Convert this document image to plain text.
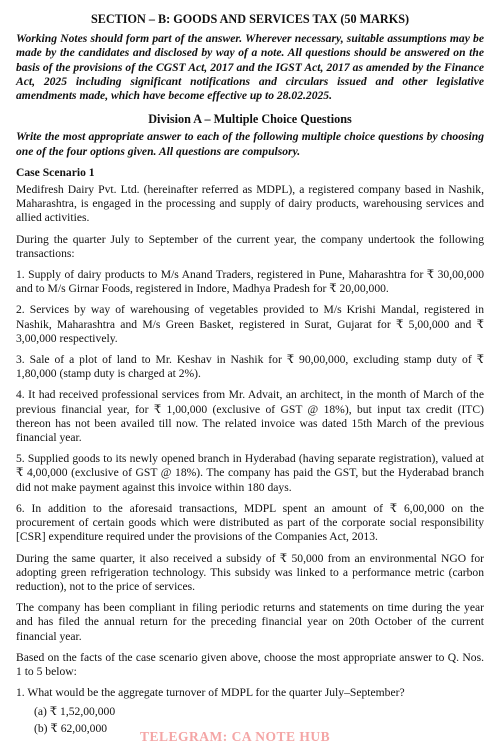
SECTION – B: GOODS AND SERVICES TAX (50 MARKS)
Working Notes should form part of the answer. Wherever necessary, suitable assumptions may be made by the candidates and disclosed by way of a note. All questions should be answered on the basis of the provisions of the CGST Act, 2017 and the IGST Act, 2017 as amended by the Finance Act, 2025 including significant notifications and circulars issued and other legislative amendments made, which have become effective up to 28.02.2025.
Division A – Multiple Choice Questions
Write the most appropriate answer to each of the following multiple choice questions by choosing one of the four options given. All questions are compulsory.
Case Scenario 1

Medifresh Dairy Pvt. Ltd. (hereinafter referred as MDPL), a registered company based in Nashik, Maharashtra, is engaged in the processing and supply of dairy products, warehousing services and allied activities.

During the quarter July to September of the current year, the company undertook the following transactions:

1. Supply of dairy products to M/s Anand Traders, registered in Pune, Maharashtra for ₹ 30,00,000 and to M/s Girnar Foods, registered in Indore, Madhya Pradesh for ₹ 20,00,000.
2. Services by way of warehousing of vegetables provided to M/s Krishi Mandal, registered in Nashik, Maharashtra and M/s Green Basket, registered in Surat, Gujarat for ₹ 5,00,000 and ₹ 3,00,000 respectively.
3. Sale of a plot of land to Mr. Keshav in Nashik for ₹ 90,00,000, excluding stamp duty of ₹ 1,80,000 (stamp duty is charged at 2%).
4. It had received professional services from Mr. Advait, an architect, in the month of March of the previous financial year, for ₹ 1,00,000 (exclusive of GST @ 18%), but input tax credit (ITC) thereon has not been availed till now. The related invoice was dated 15th March of the previous financial year.
5. Supplied goods to its newly opened branch in Hyderabad (having separate registration), valued at ₹ 4,00,000 (exclusive of GST @ 18%). The company has paid the GST, but the Hyderabad branch did not make payment against this invoice within 180 days.
6. In addition to the aforesaid transactions, MDPL spent an amount of ₹ 6,00,000 on the procurement of certain goods which were distributed as part of the corporate social responsibility [CSR] expenditure required under the provisions of the Companies Act, 2013.

During the same quarter, it also received a subsidy of ₹ 50,000 from an environmental NGO for adopting green refrigeration technology. This subsidy was linked to a performance metric (carbon reduction), not to the price of services.

The company has been compliant in filing periodic returns and statements on time during the year and has filed the annual return for the preceding financial year on 20th October of the current financial year.

Based on the facts of the case scenario given above, choose the most appropriate answer to Q. Nos. 1 to 5 below:

1. What would be the aggregate turnover of MDPL for the quarter July–September?
(a) ₹ 1,52,00,000
(b) ₹ 62,00,000
TELEGRAM: CA NOTE HUB
